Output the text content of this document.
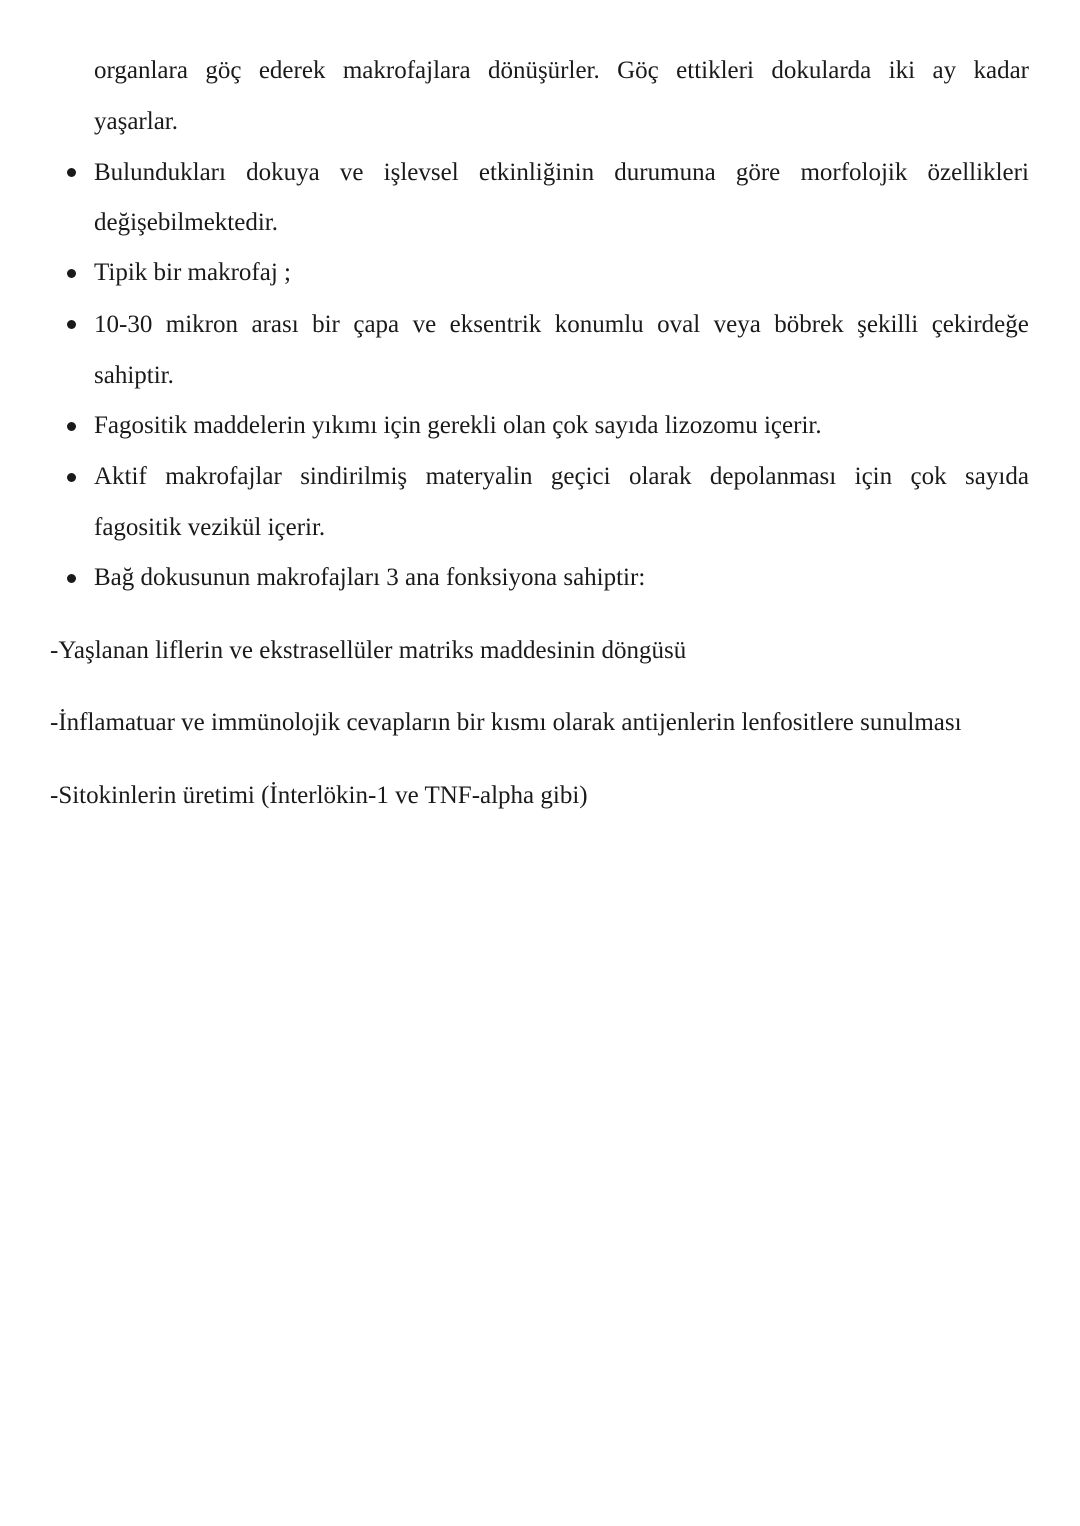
organlara göç ederek makrofajlara dönüşürler. Göç ettikleri dokularda iki ay kadar
yaşarlar.
Bulundukları dokuya ve işlevsel etkinliğinin durumuna göre morfolojik özellikleri
değişebilmektedir.
Tipik bir makrofaj ;
10-30 mikron arası bir çapa ve eksentrik konumlu oval veya böbrek şekilli çekirdeğe
sahiptir.
Fagositik maddelerin yıkımı için gerekli olan çok sayıda lizozomu içerir.
Aktif makrofajlar sindirilmiş materyalin geçici olarak depolanması için çok sayıda
fagositik vezikül içerir.
Bağ dokusunun makrofajları 3 ana fonksiyona sahiptir:
-Yaşlanan liflerin ve ekstrasellüler matriks maddesinin döngüsü
-İnflamatuar ve immünolojik cevapların bir kısmı olarak antijenlerin lenfositlere sunulması
-Sitokinlerin üretimi (İnterlökin-1 ve TNF-alpha gibi)
